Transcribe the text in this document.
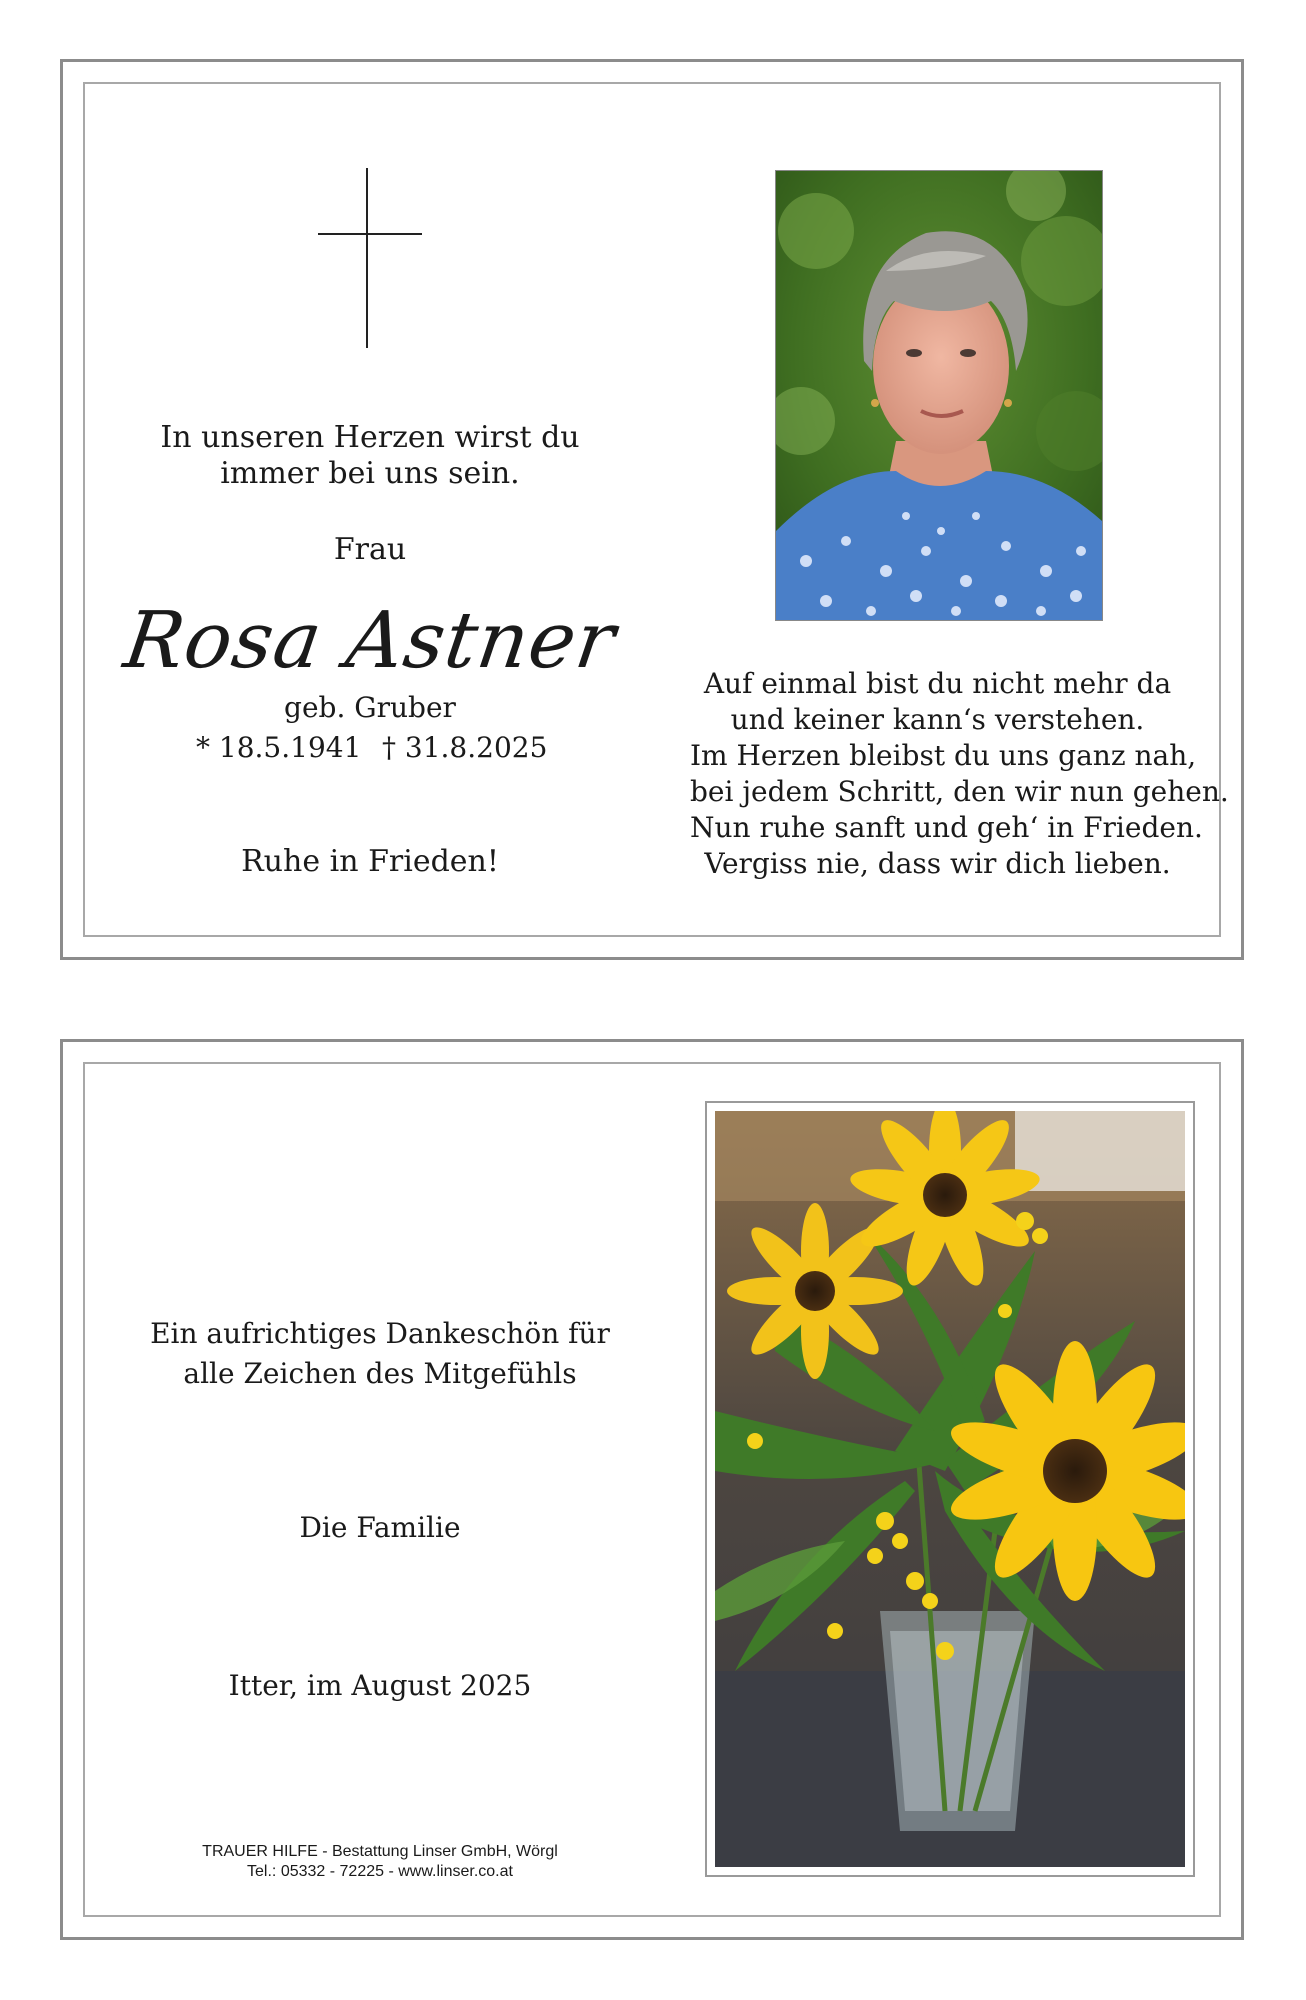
In unseren Herzen wirst du
immer bei uns sein.
Frau
Rosa Astner
geb. Gruber
* 18.5.1941 † 31.8.2025
Ruhe in Frieden!
Auf einmal bist du nicht mehr da
und keiner kann‘s verstehen.
Im Herzen bleibst du uns ganz nah,
bei jedem Schritt, den wir nun gehen.
Nun ruhe sanft und geh‘ in Frieden.
Vergiss nie, dass wir dich lieben.
Ein aufrichtiges Dankeschön für
alle Zeichen des Mitgefühls
Die Familie
Itter, im August 2025
TRAUER HILFE - Bestattung Linser GmbH, Wörgl
Tel.: 05332 - 72225 - www.linser.co.at
